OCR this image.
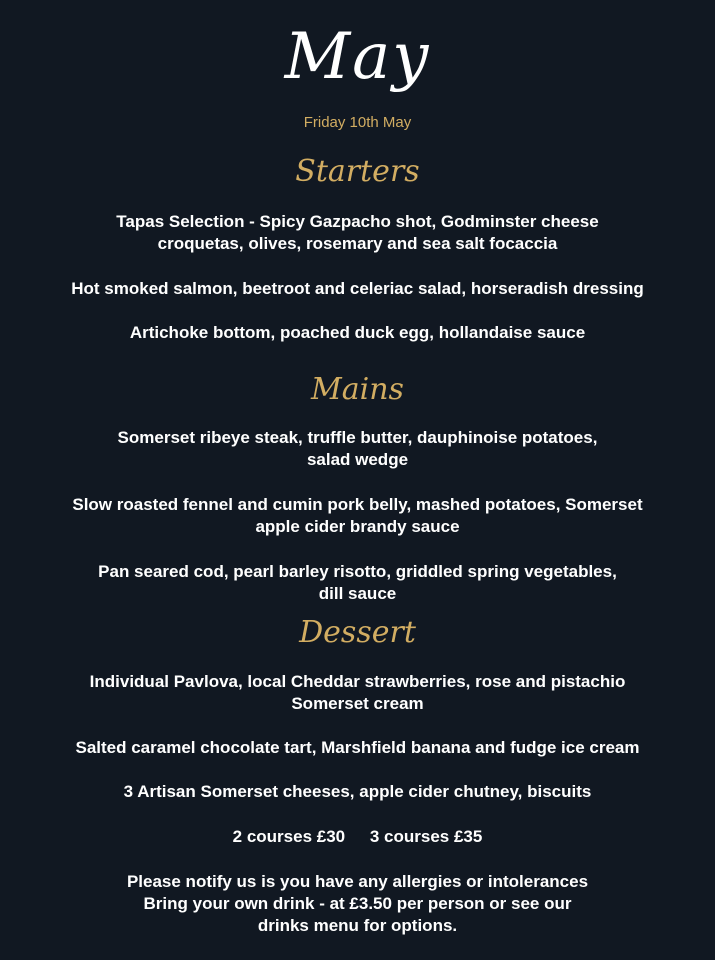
May
Friday 10th May
Starters
Tapas Selection - Spicy Gazpacho shot, Godminster cheese
croquetas, olives, rosemary and sea salt focaccia
Hot smoked salmon, beetroot and celeriac salad, horseradish dressing
Artichoke bottom, poached duck egg, hollandaise sauce
Mains
Somerset ribeye steak, truffle butter, dauphinoise potatoes,
salad wedge
Slow roasted fennel and cumin pork belly, mashed potatoes, Somerset
apple cider brandy sauce
Pan seared cod, pearl barley risotto, griddled spring vegetables,
dill sauce
Dessert
Individual Pavlova, local Cheddar strawberries, rose and pistachio
Somerset cream
Salted caramel chocolate tart, Marshfield banana and fudge ice cream
3 Artisan Somerset cheeses, apple cider chutney, biscuits
2 courses £30 3 courses £35
Please notify us is you have any allergies or intolerances
Bring your own drink - at £3.50 per person or see our
drinks menu for options.
